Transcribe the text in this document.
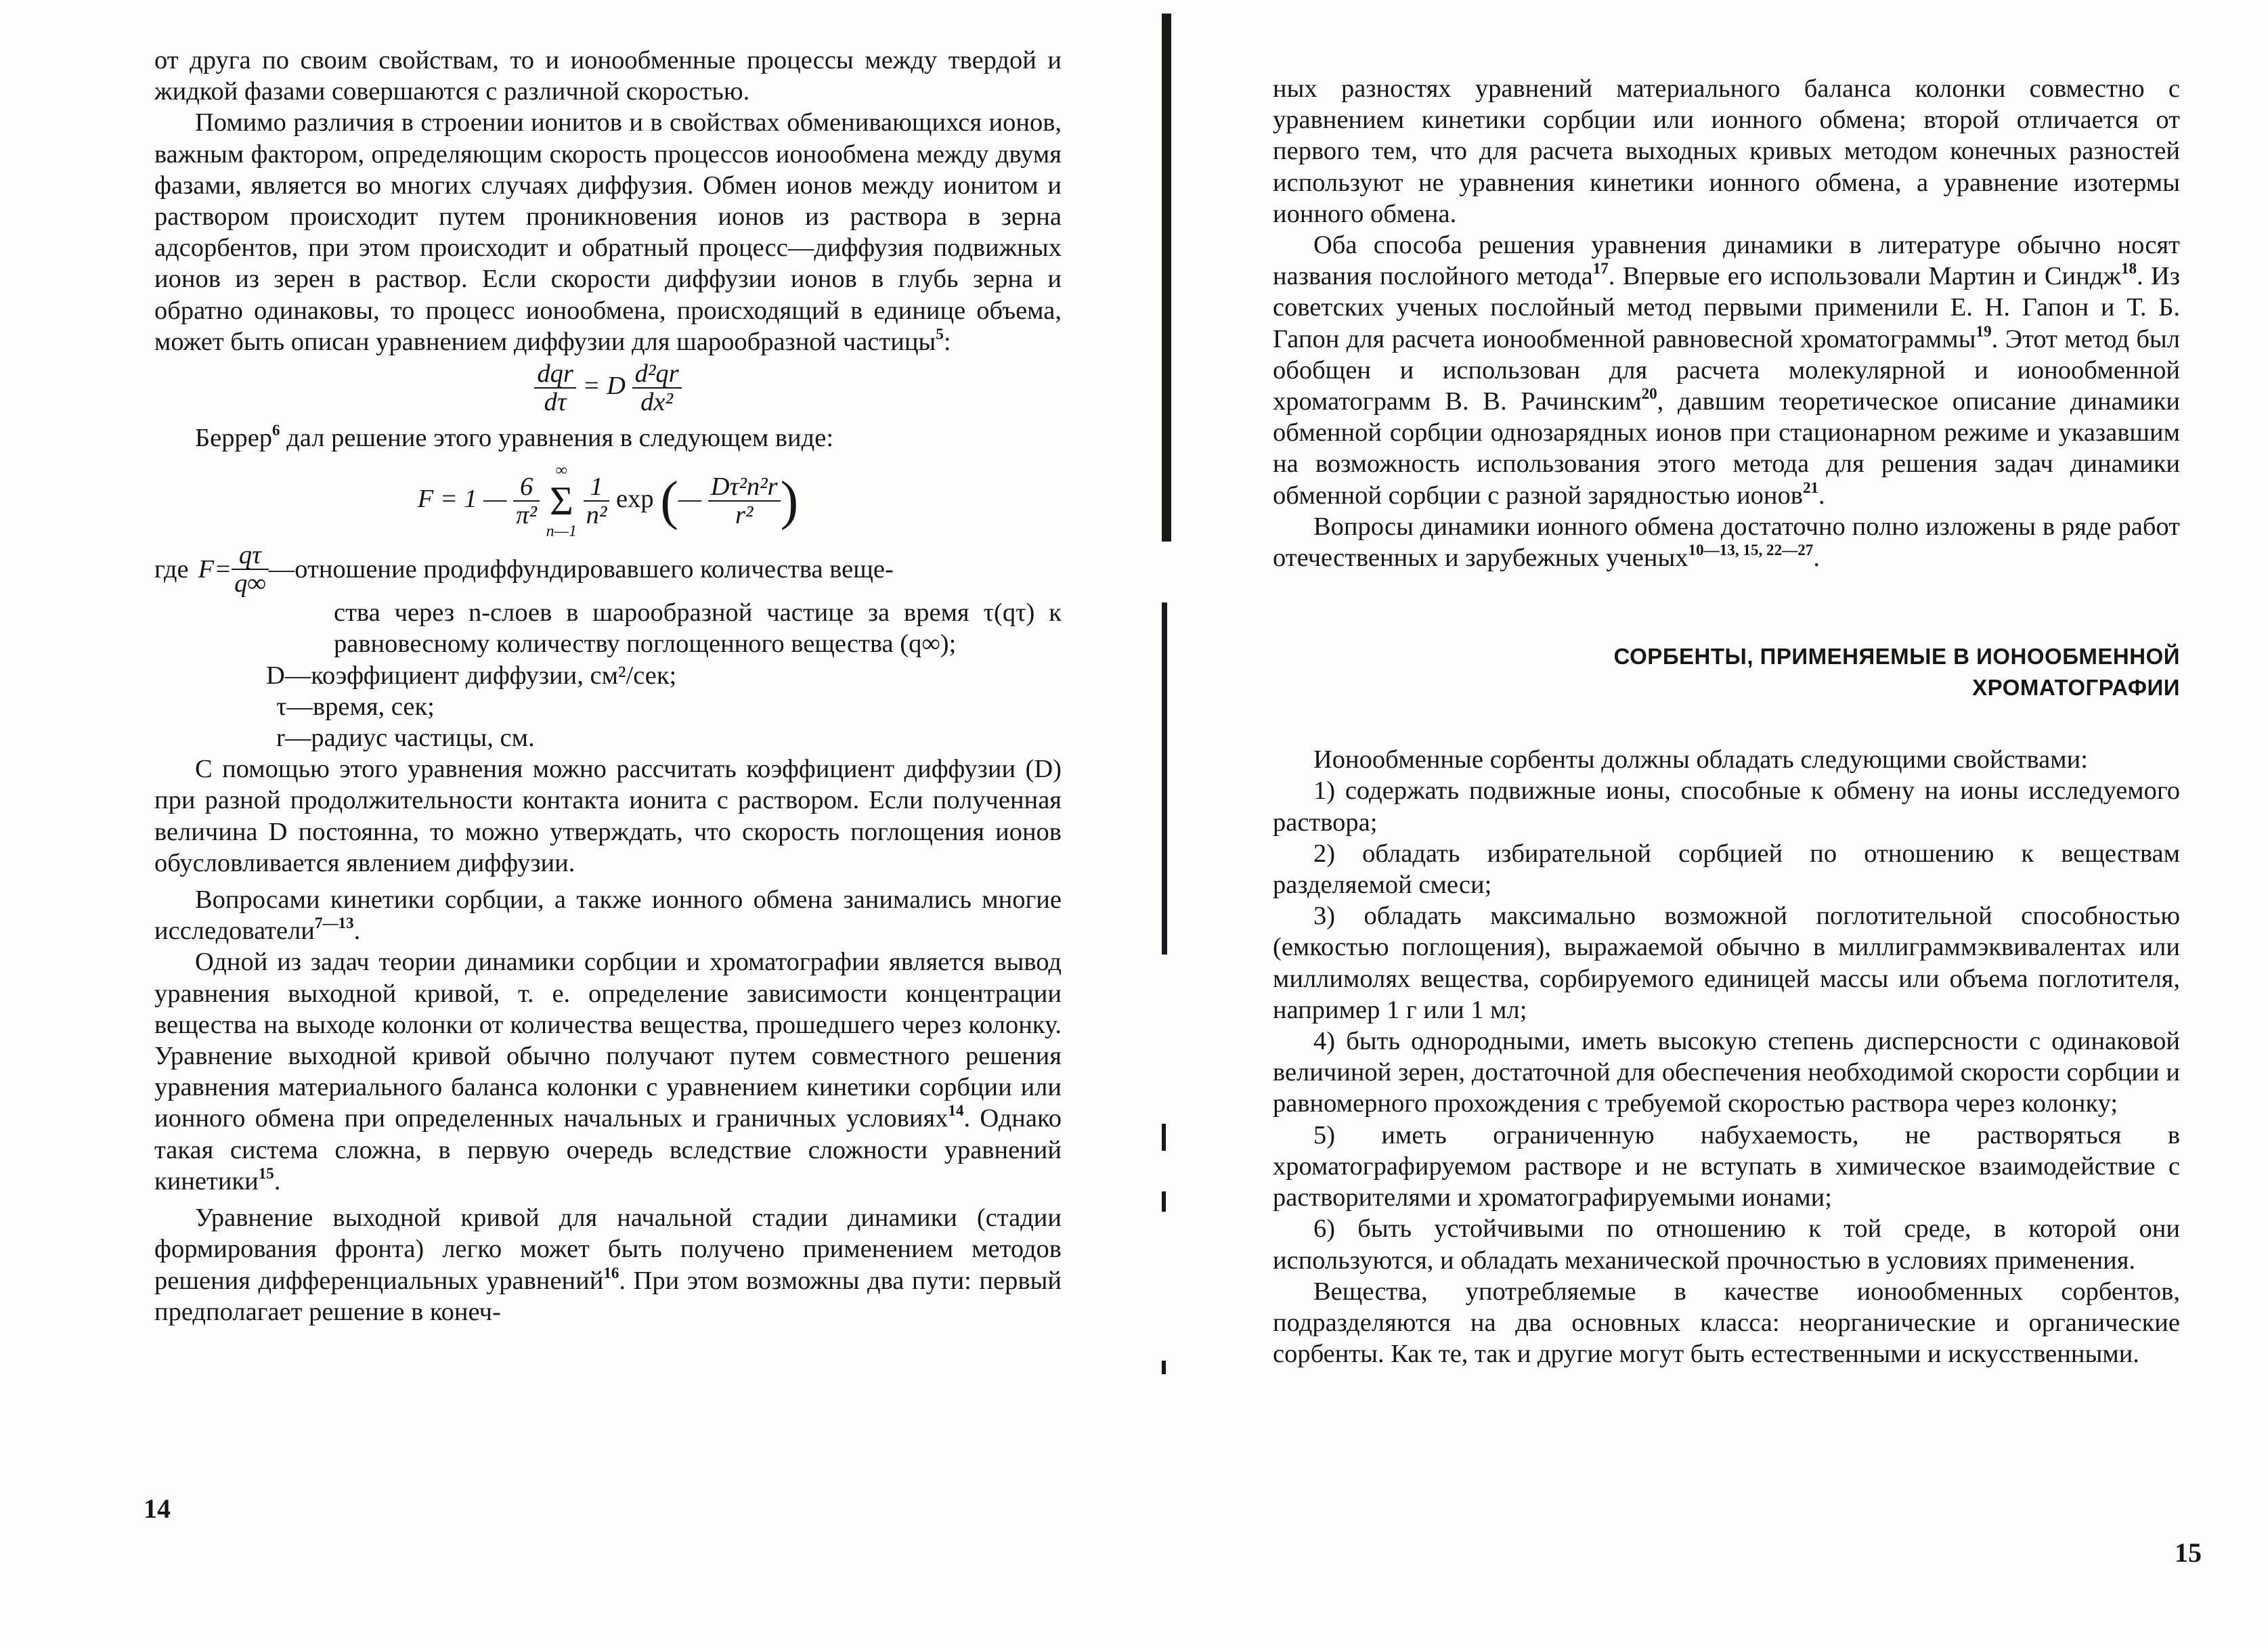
от друга по своим свойствам, то и ионообменные процессы между твердой и жидкой фазами совершаются с различной скоростью.

Помимо различия в строении ионитов и в свойствах обменивающихся ионов, важным фактором, определяющим скорость процессов ионообмена между двумя фазами, является во многих случаях диффузия. Обмен ионов между ионитом и раствором происходит путем проникновения ионов из раствора в зерна адсорбентов, при этом происходит и обратный процесс—диффузия подвижных ионов из зерен в раствор. Если скорости диффузии ионов в глубь зерна и обратно одинаковы, то процесс ионообмена, происходящий в единице объема, может быть описан уравнением диффузии для шарообразной частицы$^5$:

$\frac{\text{dqr}}{d\tau} = D \frac{\text{d²qr}}{\text{dx²}}$

Беррер$^6$ дал решение этого уравнения в следующем виде:

F = 1 — $\frac{6}{\text{π²}}$

∞
Σ
n—1

$\frac{1}{\text{n²}}$ exp (— $\frac{\text{Dτ²n²r}}{\text{r²}}$ )
где $F= \frac{q\tau}{q\infty}$ —отношение продиффундировавшего количества веще-

ства через n-слоев в шарообразной частице за время τ(qτ) к равновесному количеству поглощенного вещества (q∞);

D—коэффициент диффузии, см²/сек;

τ—время, сек;

r—радиус частицы, см.

С помощью этого уравнения можно рассчитать коэффициент диффузии (D) при разной продолжительности контакта ионита с раствором. Если полученная величина D постоянна, то можно утверждать, что скорость поглощения ионов обусловливается явлением диффузии.

Вопросами кинетики сорбции, а также ионного обмена занимались многие исследователи$^{7—13}$.

Одной из задач теории динамики сорбции и хроматографии является вывод уравнения выходной кривой, т. е. определение зависимости концентрации вещества на выходе колонки от количества вещества, прошедшего через колонку. Уравнение выходной кривой обычно получают путем совместного решения уравнения материального баланса колонки с уравнением кинетики сорбции или ионного обмена при определенных начальных и граничных условиях$^{14}$. Однако такая система сложна, в первую очередь вследствие сложности уравнений кинетики$^{15}$.

Уравнение выходной кривой для начальной стадии динамики (стадии формирования фронта) легко может быть получено применением методов решения дифференциальных уравнений$^{16}$. При этом возможны два пути: первый предполагает решение в конеч-

14

ных разностях уравнений материального баланса колонки совместно с уравнением кинетики сорбции или ионного обмена; второй отличается от первого тем, что для расчета выходных кривых методом конечных разностей используют не уравнения кинетики ионного обмена, а уравнение изотермы ионного обмена.

Оба способа решения уравнения динамики в литературе обычно носят названия послойного метода$^{17}$. Впервые его использовали Мартин и Синдж$^{18}$. Из советских ученых послойный метод первыми применили Е. Н. Гапон и Т. Б. Гапон для расчета ионообменной равновесной хроматограммы$^{19}$. Этот метод был обобщен и использован для расчета молекулярной и ионообменной хроматограмм В. В. Рачинским$^{20}$, давшим теоретическое описание динамики обменной сорбции однозарядных ионов при стационарном режиме и указавшим на возможность использования этого метода для решения задач динамики обменной сорбции с разной зарядностью ионов$^{21}$.

Вопросы динамики ионного обмена достаточно полно изложены в ряде работ отечественных и зарубежных ученых$^{10—13, 15, 22—27}$.

СОРБЕНТЫ, ПРИМЕНЯЕМЫЕ В ИОНООБМЕННОЙ
ХРОМАТОГРАФИИ

Ионообменные сорбенты должны обладать следующими свойствами:

1) содержать подвижные ионы, способные к обмену на ионы исследуемого раствора;

2) обладать избирательной сорбцией по отношению к веществам разделяемой смеси;

3) обладать максимально возможной поглотительной способностью (емкостью поглощения), выражаемой обычно в миллиграммэквивалентах или миллимолях вещества, сорбируемого единицей массы или объема поглотителя, например 1 г или 1 мл;

4) быть однородными, иметь высокую степень дисперсности с одинаковой величиной зерен, достаточной для обеспечения необходимой скорости сорбции и равномерного прохождения с требуемой скоростью раствора через колонку;

5) иметь ограниченную набухаемость, не растворяться в хроматографируемом растворе и не вступать в химическое взаимодействие с растворителями и хроматографируемыми ионами;

6) быть устойчивыми по отношению к той среде, в которой они используются, и обладать механической прочностью в условиях применения.

Вещества, употребляемые в качестве ионообменных сорбентов, подразделяются на два основных класса: неорганические и органические сорбенты. Как те, так и другие могут быть естественными и искусственными.

15
